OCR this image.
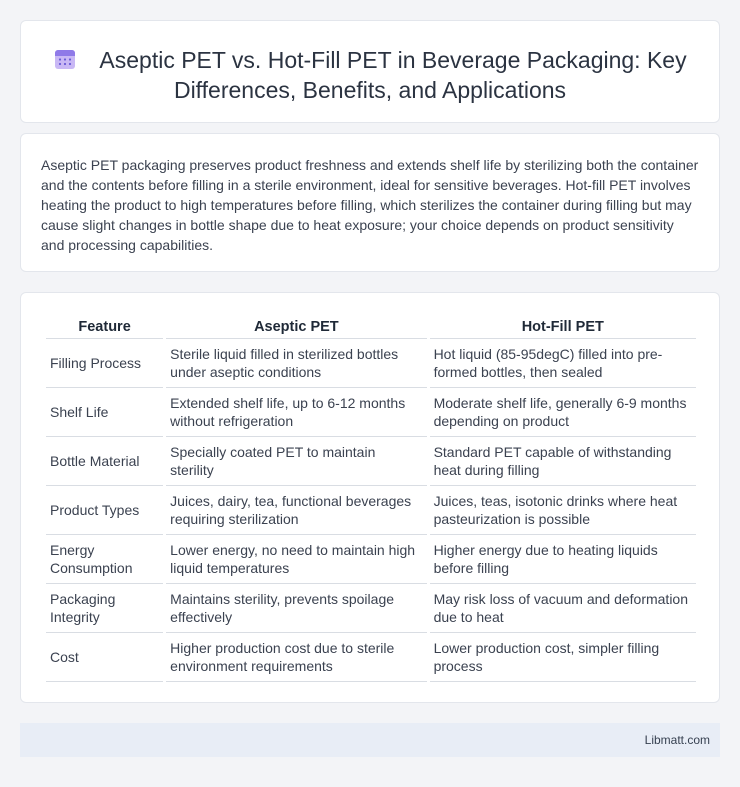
Aseptic PET vs. Hot-Fill PET in Beverage Packaging: Key Differences, Benefits, and Applications

Aseptic PET packaging preserves product freshness and extends shelf life by sterilizing both the container and the contents before filling in a sterile environment, ideal for sensitive beverages. Hot-fill PET involves heating the product to high temperatures before filling, which sterilizes the container during filling but may cause slight changes in bottle shape due to heat exposure; your choice depends on product sensitivity and processing capabilities.

Feature	Aseptic PET	Hot-Fill PET
Filling Process	Sterile liquid filled in sterilized bottles under aseptic conditions	Hot liquid (85-95degC) filled into pre-formed bottles, then sealed
Shelf Life	Extended shelf life, up to 6-12 months without refrigeration	Moderate shelf life, generally 6-9 months depending on product
Bottle Material	Specially coated PET to maintain sterility	Standard PET capable of withstanding heat during filling
Product Types	Juices, dairy, tea, functional beverages requiring sterilization	Juices, teas, isotonic drinks where heat pasteurization is possible
Energy Consumption	Lower energy, no need to maintain high liquid temperatures	Higher energy due to heating liquids before filling
Packaging Integrity	Maintains sterility, prevents spoilage effectively	May risk loss of vacuum and deformation due to heat
Cost	Higher production cost due to sterile environment requirements	Lower production cost, simpler filling process
Libmatt.com
